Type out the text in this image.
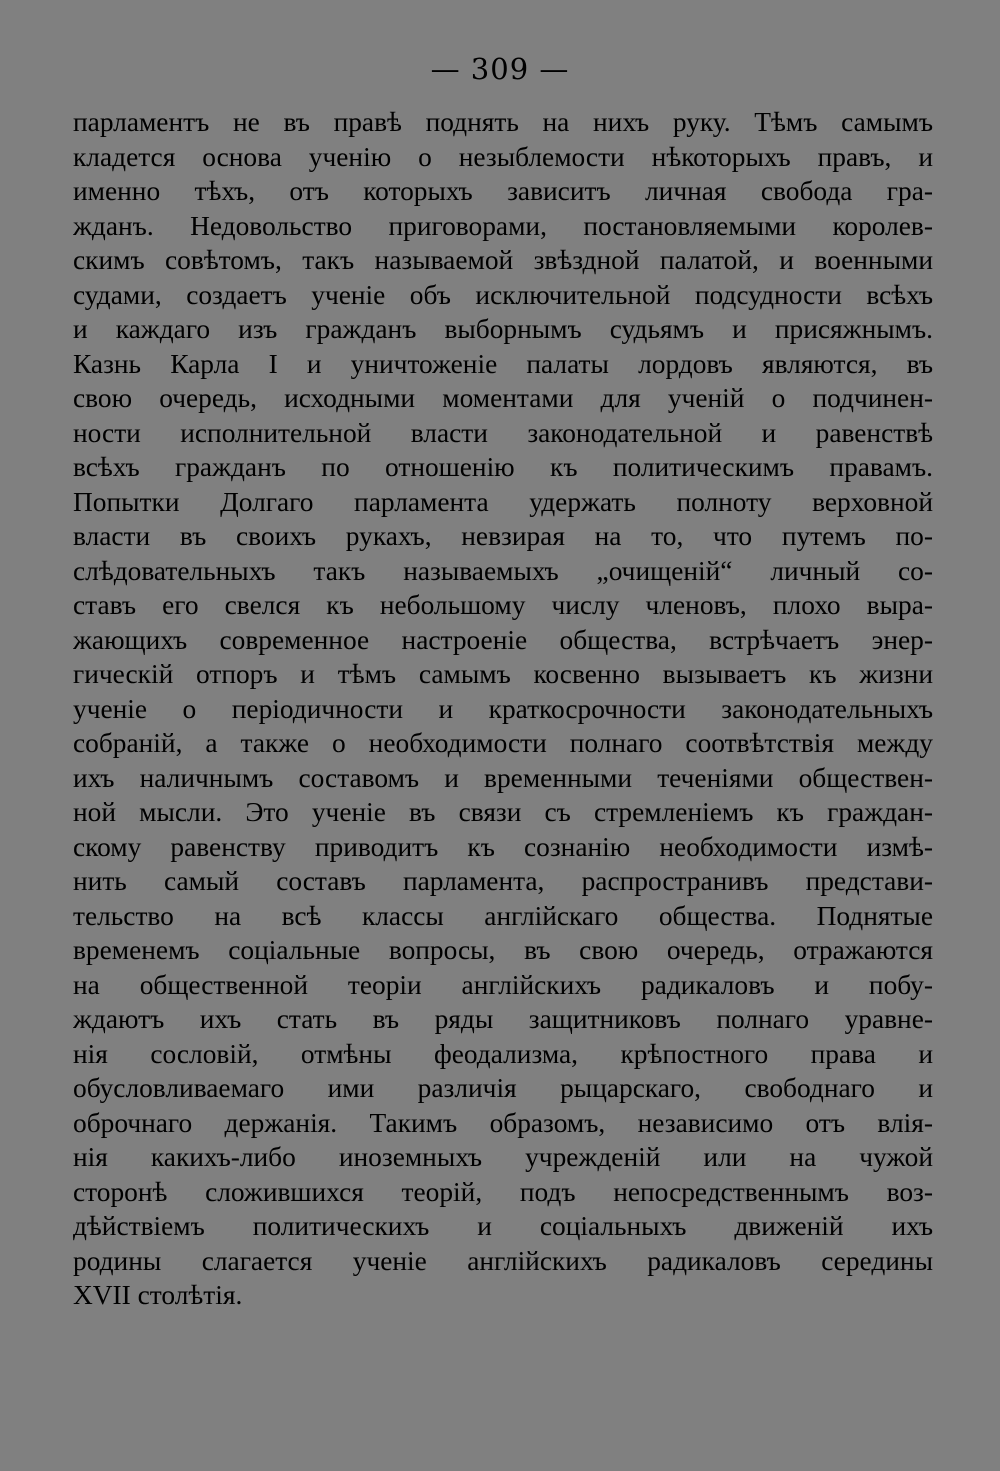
— 309 —
парламентъ не въ правѣ поднять на нихъ руку. Тѣмъ самымъ
кладется основа ученію о незыблемости нѣкоторыхъ правъ, и
именно тѣхъ, отъ которыхъ зависитъ личная свобода гра-
жданъ. Недовольство приговорами, постановляемыми королев-
скимъ совѣтомъ, такъ называемой звѣздной палатой, и военными
судами, создаетъ ученіе объ исключительной подсудности всѣхъ
и каждаго изъ гражданъ выборнымъ судьямъ и присяжнымъ.
Казнь Карла I и уничтоженіе палаты лордовъ являются, въ
свою очередь, исходными моментами для ученій о подчинен-
ности исполнительной власти законодательной и равенствѣ
всѣхъ гражданъ по отношенію къ политическимъ правамъ.
Попытки Долгаго парламента удержать полноту верховной
власти въ своихъ рукахъ, невзирая на то, что путемъ по-
слѣдовательныхъ такъ называемыхъ „очищеній“ личный со-
ставъ его свелся къ небольшому числу членовъ, плохо выра-
жающихъ современное настроеніе общества, встрѣчаетъ энер-
гическій отпоръ и тѣмъ самымъ косвенно вызываетъ къ жизни
ученіе о періодичности и краткосрочности законодательныхъ
собраній, а также о необходимости полнаго соотвѣтствія между
ихъ наличнымъ составомъ и временными теченіями обществен-
ной мысли. Это ученіе въ связи съ стремленіемъ къ граждан-
скому равенству приводитъ къ сознанію необходимости измѣ-
нить самый составъ парламента, распространивъ представи-
тельство на всѣ классы англійскаго общества. Поднятые
временемъ соціальные вопросы, въ свою очередь, отражаются
на общественной теоріи англійскихъ радикаловъ и побу-
ждаютъ ихъ стать въ ряды защитниковъ полнаго уравне-
нія сословій, отмѣны феодализма, крѣпостного права и
обусловливаемаго ими различія рыцарскаго, свободнаго и
оброчнаго держанія. Такимъ образомъ, независимо отъ влія-
нія какихъ-либо иноземныхъ учрежденій или на чужой
сторонѣ сложившихся теорій, подъ непосредственнымъ воз-
дѣйствіемъ политическихъ и соціальныхъ движеній ихъ
родины слагается ученіе англійскихъ радикаловъ середины
XVII столѣтія.
